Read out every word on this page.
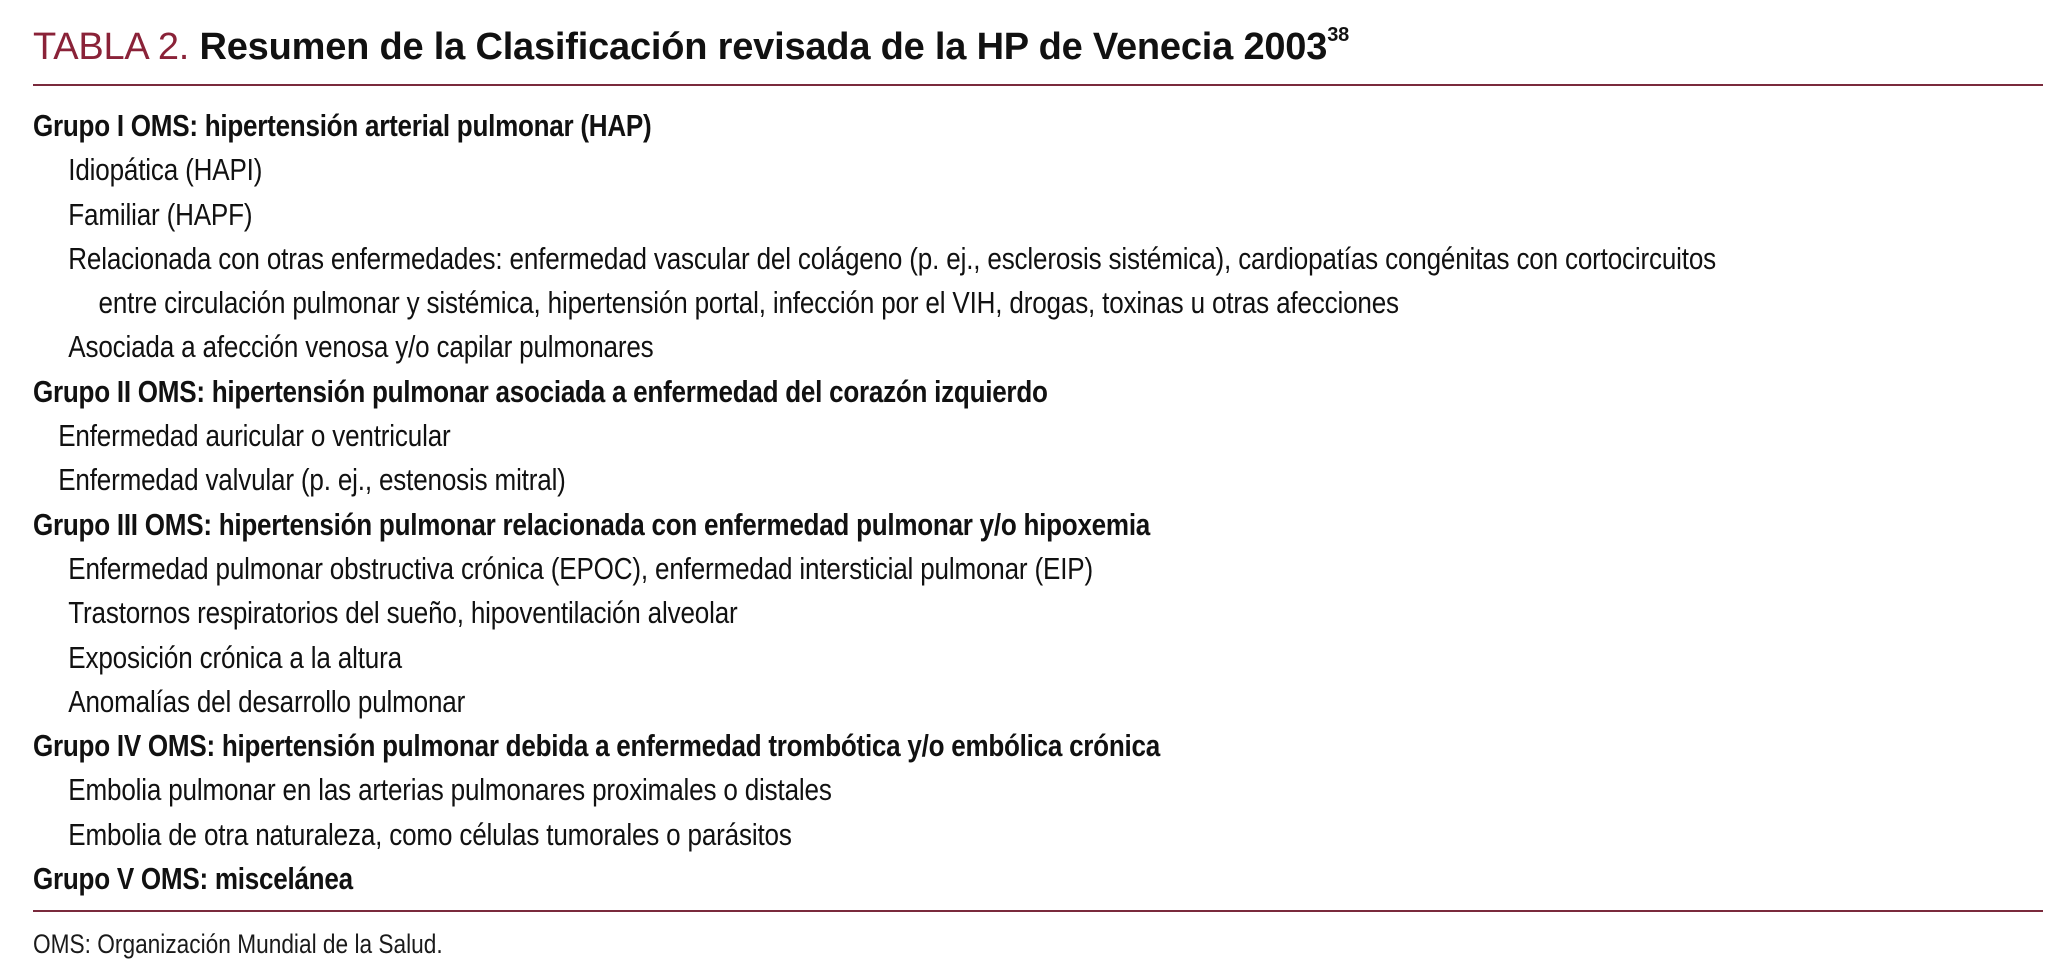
TABLA 2. Resumen de la Clasificación revisada de la HP de Venecia 2003$^{38}$
Grupo I OMS: hipertensión arterial pulmonar (HAP)
Idiopática (HAPI)
Familiar (HAPF)
Relacionada con otras enfermedades: enfermedad vascular del colágeno (p. ej., esclerosis sistémica), cardiopatías congénitas con cortocircuitos
entre circulación pulmonar y sistémica, hipertensión portal, infección por el VIH, drogas, toxinas u otras afecciones
Asociada a afección venosa y/o capilar pulmonares
Grupo II OMS: hipertensión pulmonar asociada a enfermedad del corazón izquierdo
Enfermedad auricular o ventricular
Enfermedad valvular (p. ej., estenosis mitral)
Grupo III OMS: hipertensión pulmonar relacionada con enfermedad pulmonar y/o hipoxemia
Enfermedad pulmonar obstructiva crónica (EPOC), enfermedad intersticial pulmonar (EIP)
Trastornos respiratorios del sueño, hipoventilación alveolar
Exposición crónica a la altura
Anomalías del desarrollo pulmonar
Grupo IV OMS: hipertensión pulmonar debida a enfermedad trombótica y/o embólica crónica
Embolia pulmonar en las arterias pulmonares proximales o distales
Embolia de otra naturaleza, como células tumorales o parásitos
Grupo V OMS: miscelánea
OMS: Organización Mundial de la Salud.
